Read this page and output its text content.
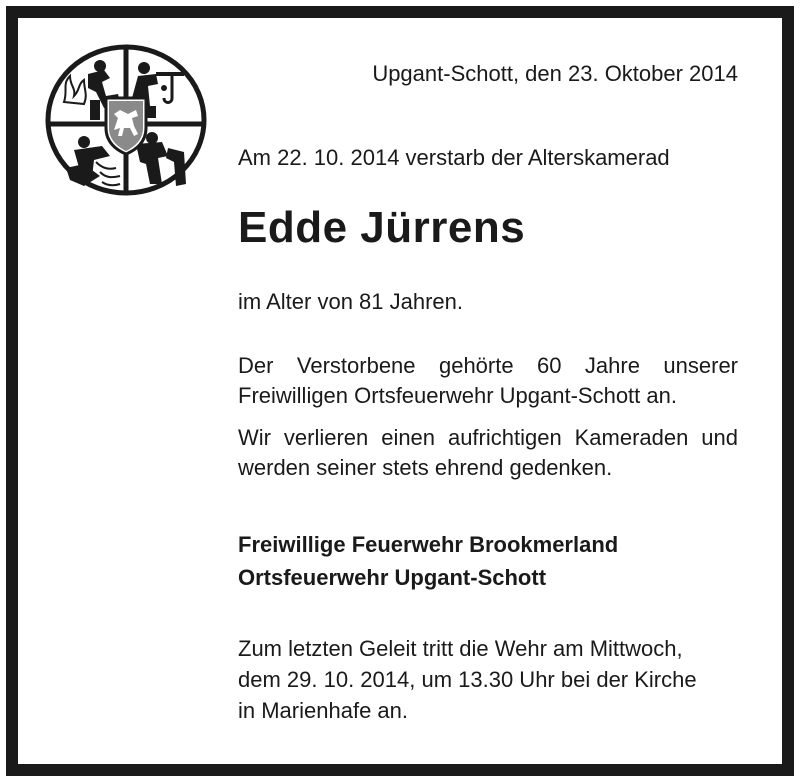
Upgant-Schott, den 23. Oktober 2014
Am 22. 10. 2014 verstarb der Alterskamerad
Edde Jürrens
im Alter von 81 Jahren.
Der Verstorbene gehörte 60 Jahre unserer Freiwilligen Ortsfeuerwehr Upgant-Schott an.
Wir verlieren einen aufrichtigen Kameraden und werden seiner stets ehrend gedenken.
Freiwillige Feuerwehr Brookmerland
Ortsfeuerwehr Upgant-Schott
Zum letzten Geleit tritt die Wehr am Mittwoch,
dem 29. 10. 2014, um 13.30 Uhr bei der Kirche
in Marienhafe an.
